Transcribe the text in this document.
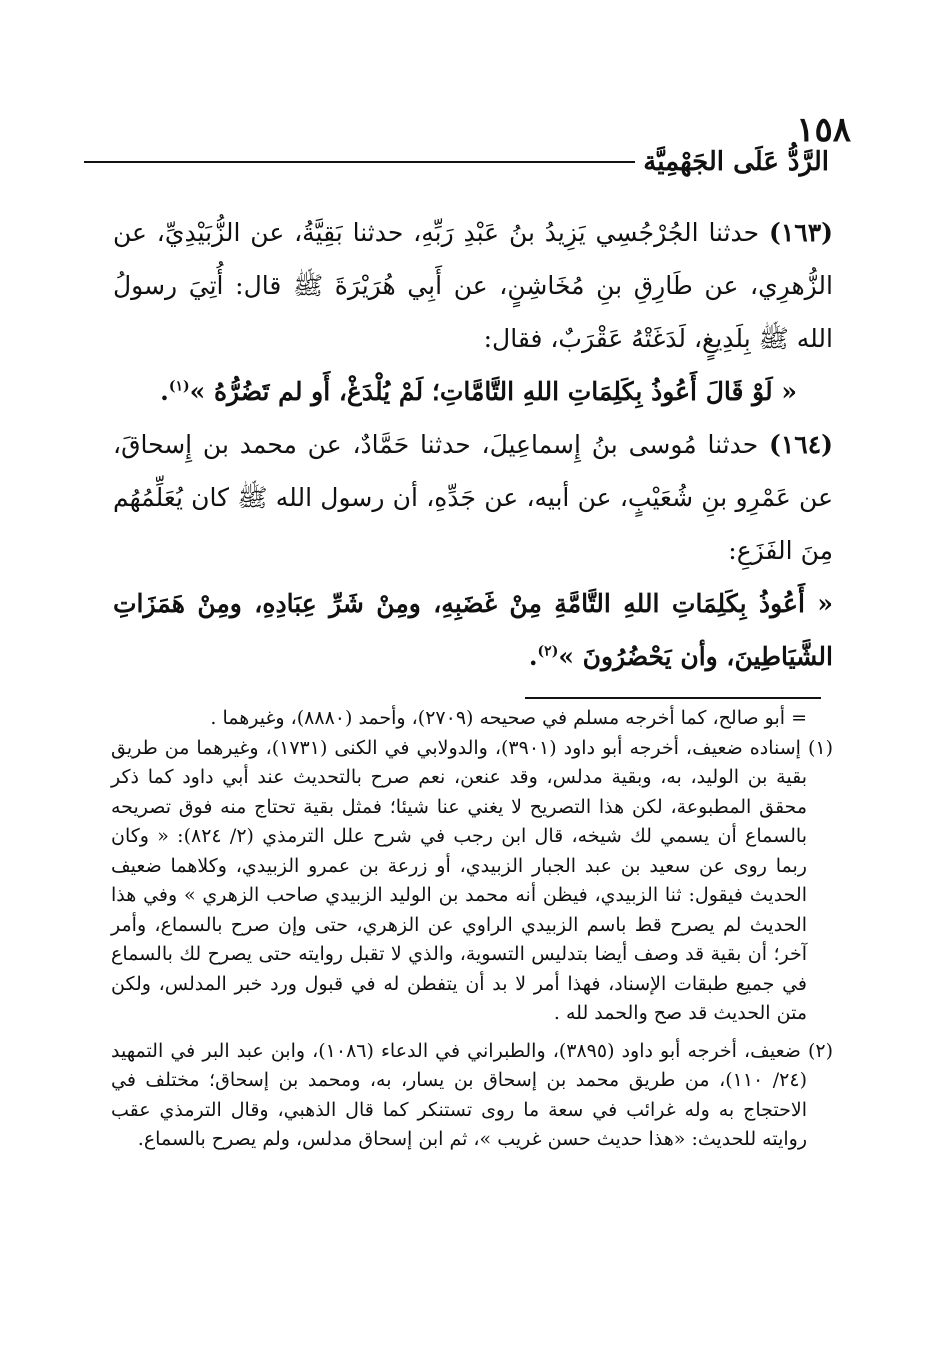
١٥٨
الرَّدُّ عَلَى الجَهْمِيَّة

(١٦٣) حدثنا الجُرْجُسِي يَزِيدُ بنُ عَبْدِ رَبِّهِ، حدثنا بَقِيَّةُ، عن الزُّبَيْدِيِّ، عن الزُّهرِي، عن طَارِقِ بنِ مُخَاشِنٍ، عن أَبِي هُرَيْرَةَ ﷺ قال: أُتِيَ رسولُ الله ﷺ بِلَدِيغٍ، لَدَغَتْهُ عَقْرَبٌ، فقال:

« لَوْ قَالَ أَعُوذُ بِكَلِمَاتِ اللهِ التَّامَّاتِ؛ لَمْ يُلْدَغْ، أَو لم تَضُرُّهُ »$^{(١)}$.

(١٦٤) حدثنا مُوسى بنُ إِسماعِيلَ، حدثنا حَمَّادٌ، عن محمد بن إِسحاقَ، عن عَمْرِو بنِ شُعَيْبٍ، عن أبيه، عن جَدِّهِ، أن رسول الله ﷺ كان يُعَلِّمُهُم مِنَ الفَزَعِ:

« أَعُوذُ بِكَلِمَاتِ اللهِ التَّامَّةِ مِنْ غَضَبِهِ، ومِنْ شَرِّ عِبَادِهِ، ومِنْ هَمَزَاتِ الشَّيَاطِينَ، وأن يَحْضُرُونَ »$^{(٢)}$.

= أبو صالح، كما أخرجه مسلم في صحيحه (٢٧٠٩)، وأحمد (٨٨٨٠)، وغيرهما .

(١) إسناده ضعيف، أخرجه أبو داود (٣٩٠١)، والدولابي في الكنى (١٧٣١)، وغيرهما من طريق بقية بن الوليد، به، وبقية مدلس، وقد عنعن، نعم صرح بالتحديث عند أبي داود كما ذكر محقق المطبوعة، لكن هذا التصريح لا يغني عنا شيئا؛ فمثل بقية تحتاج منه فوق تصريحه بالسماع أن يسمي لك شيخه، قال ابن رجب في شرح علل الترمذي (٢/ ٨٢٤): « وكان ربما روى عن سعيد بن عبد الجبار الزبيدي، أو زرعة بن عمرو الزبيدي، وكلاهما ضعيف الحديث فيقول: ثنا الزبيدي، فيظن أنه محمد بن الوليد الزبيدي صاحب الزهري » وفي هذا الحديث لم يصرح قط باسم الزبيدي الراوي عن الزهري، حتى وإن صرح بالسماع، وأمر آخر؛ أن بقية قد وصف أيضا بتدليس التسوية، والذي لا تقبل روايته حتى يصرح لك بالسماع في جميع طبقات الإسناد، فهذا أمر لا بد أن يتفطن له في قبول ورد خبر المدلس، ولكن متن الحديث قد صح والحمد لله .

(٢) ضعيف، أخرجه أبو داود (٣٨٩٥)، والطبراني في الدعاء (١٠٨٦)، وابن عبد البر في التمهيد (٢٤/ ١١٠)، من طريق محمد بن إسحاق بن يسار، به، ومحمد بن إسحاق؛ مختلف في الاحتجاج به وله غرائب في سعة ما روى تستنكر كما قال الذهبي، وقال الترمذي عقب روايته للحديث: «هذا حديث حسن غريب »، ثم ابن إسحاق مدلس، ولم يصرح بالسماع.
